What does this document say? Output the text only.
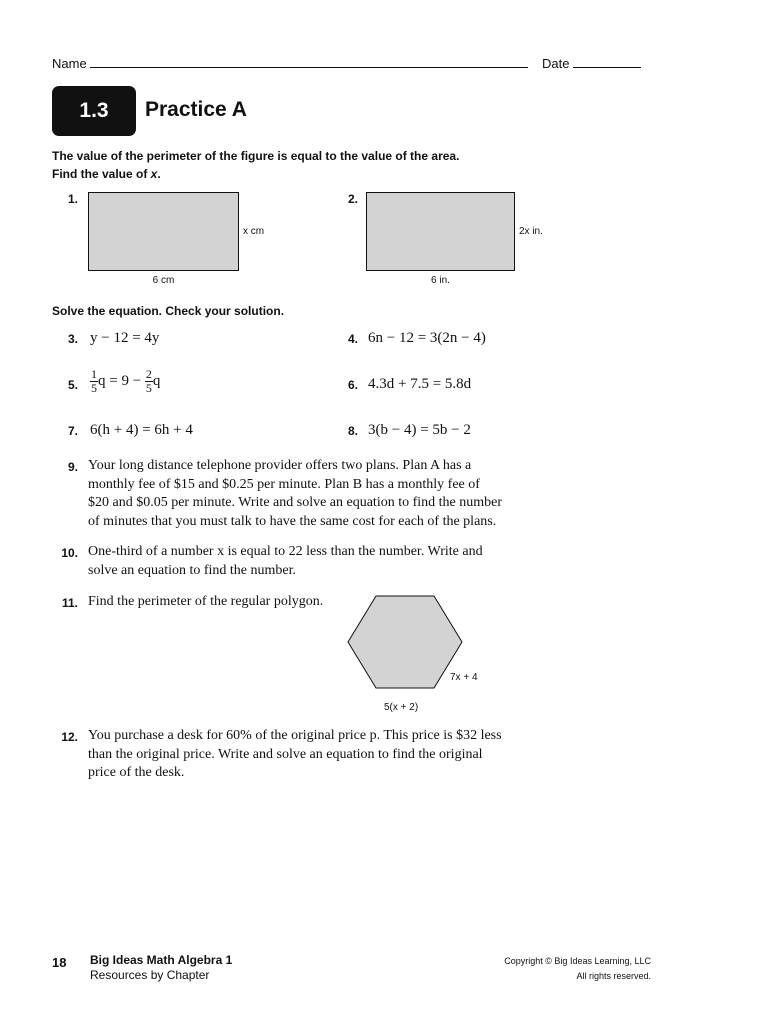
Name	Date
1.3	Practice A
The value of the perimeter of the figure is equal to the value of the area.
Find the value of x.
1.
x cm
6 cm
2.
2x in.
6 in.
Solve the equation. Check your solution.
3. y − 12 = 4y	4. 6n − 12 = 3(2n − 4)
5. $\frac{1}{5}$ $q = 9 - \frac{2}{5}$ q	6. 4.3d + 7.5 = 5.8d
7. 6(h + 4) = 6h + 4	8. 3(b − 4) = 5b − 2
9. Your long distance telephone provider offers two plans. Plan A has a
monthly fee of $15 and $0.25 per minute. Plan B has a monthly fee of
$20 and $0.05 per minute. Write and solve an equation to find the number
of minutes that you must talk to have the same cost for each of the plans.
10. One-third of a number x is equal to 22 less than the number. Write and
solve an equation to find the number.
11. Find the perimeter of the regular polygon.
7x + 4
5(x + 2)
12. You purchase a desk for 60% of the original price p. This price is $32 less
than the original price. Write and solve an equation to find the original
price of the desk.
18 Big Ideas Math Algebra 1
Resources by Chapter
Copyright © Big Ideas Learning, LLC
All rights reserved.
